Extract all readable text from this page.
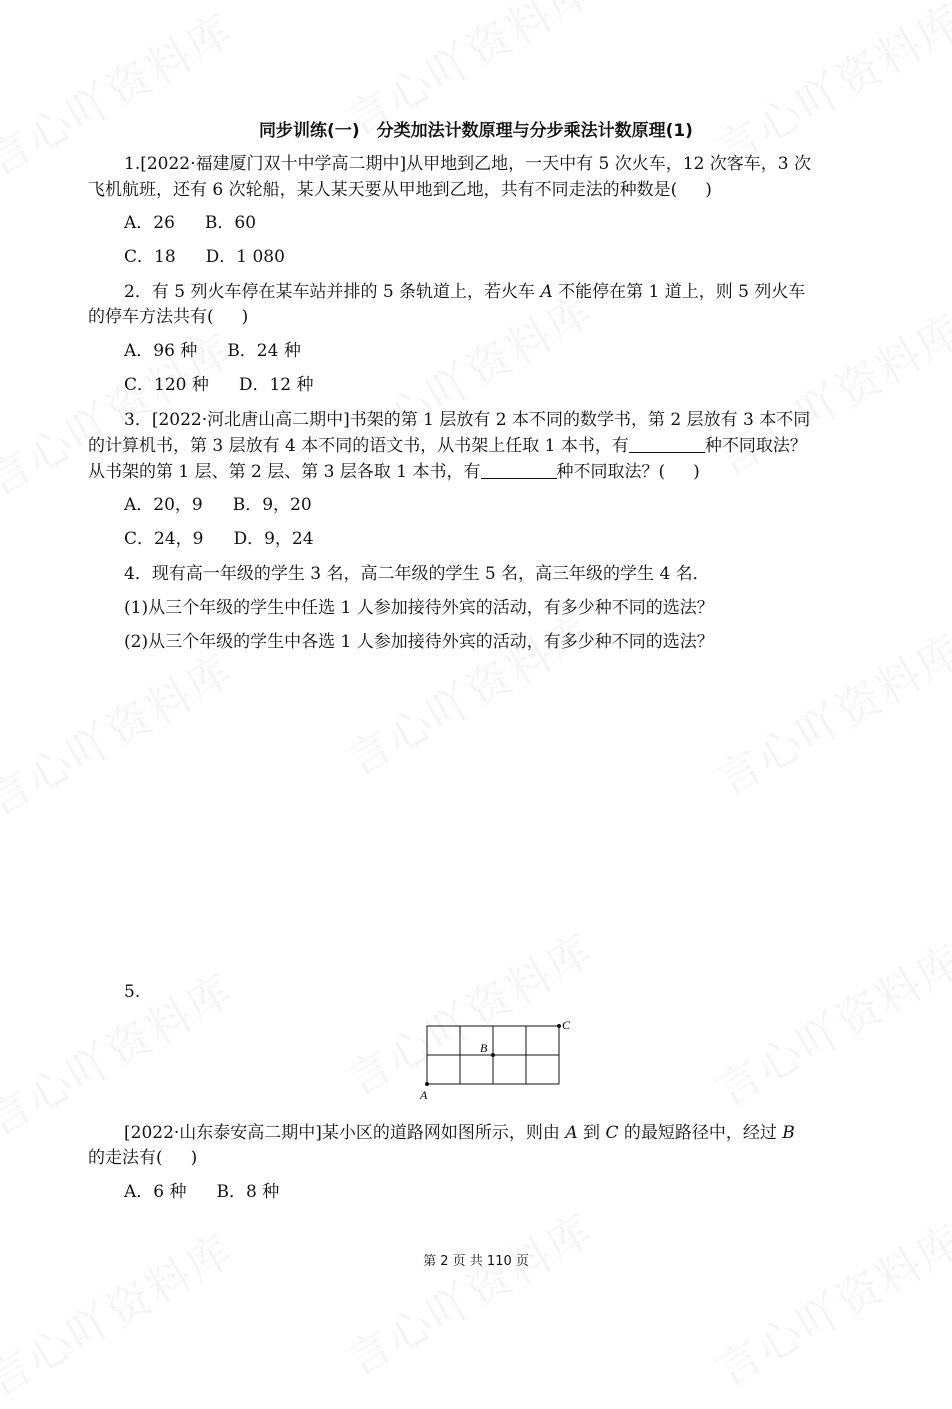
同步训练(一)　分类加法计数原理与分步乘法计数原理(1)
1.[2022·福建厦门双十中学高二期中]从甲地到乙地，一天中有 5 次火车，12 次客车，3 次
飞机航班，还有 6 次轮船，某人某天要从甲地到乙地，共有不同走法的种数是( )
A．26 B．60
C．18 D．1 080
2．有 5 列火车停在某车站并排的 5 条轨道上，若火车 A 不能停在第 1 道上，则 5 列火车
的停车方法共有( )
A．96 种 B．24 种
C．120 种 D．12 种
3．[2022·河北唐山高二期中]书架的第 1 层放有 2 本不同的数学书，第 2 层放有 3 本不同
的计算机书，第 3 层放有 4 本不同的语文书，从书架上任取 1 本书，有	种不同取法？
从书架的第 1 层、第 2 层、第 3 层各取 1 本书，有	种不同取法？( )
A．20，9 B．9，20
C．24，9 D．9，24
4．现有高一年级的学生 3 名，高二年级的学生 5 名，高三年级的学生 4 名．
(1)从三个年级的学生中任选 1 人参加接待外宾的活动，有多少种不同的选法？
(2)从三个年级的学生中各选 1 人参加接待外宾的活动，有多少种不同的选法？
5.
A
B
C
[2022·山东泰安高二期中]某小区的道路网如图所示，则由 A 到 C 的最短路径中，经过 B
的走法有( )
A．6 种 B．8 种
第 2 页 共 110 页
